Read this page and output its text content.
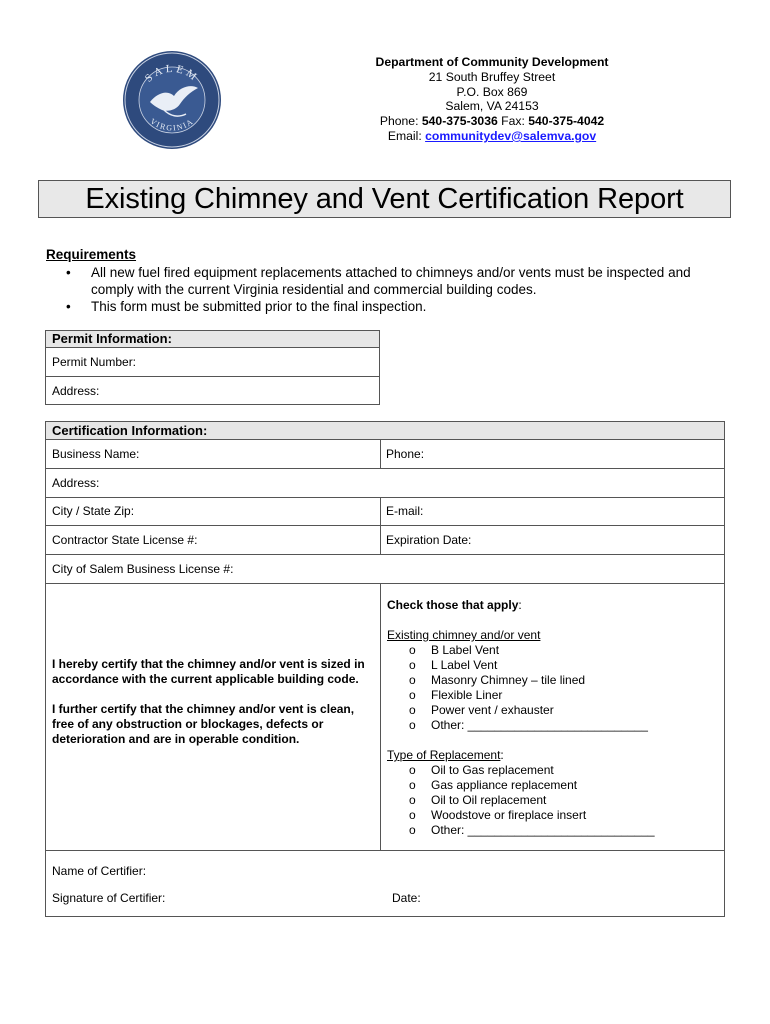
SALEM
VIRGINIA
Department of Community Development
21 South Bruffey Street
P.O. Box 869
Salem, VA 24153
Phone: 540-375-3036 Fax: 540-375-4042
Email: communitydev@salemva.gov
Existing Chimney and Vent Certification Report
Requirements
• All new fuel fired equipment replacements attached to chimneys and/or vents must be inspected and comply with the current Virginia residential and commercial building codes.
• This form must be submitted prior to the final inspection.
Permit Information:
Permit Number:
Address:
Certification Information:
Business Name:	Phone:
Address:
City / State Zip:	E-mail:
Contractor State License #:	Expiration Date:
City of Salem Business License #:
I hereby certify that the chimney and/or vent is sized in accordance with the current applicable building code.
I further certify that the chimney and/or vent is clean, free of any obstruction or blockages, defects or deterioration and are in operable condition.
Check those that apply:
Existing chimney and/or vent
o B Label Vent
o L Label Vent
o Masonry Chimney – tile lined
o Flexible Liner
o Power vent / exhauster
o Other: ___________________________
Type of Replacement:
o Oil to Gas replacement
o Gas appliance replacement
o Oil to Oil replacement
o Woodstove or fireplace insert
o Other: ____________________________
Name of Certifier:
Signature of Certifier:	Date:
